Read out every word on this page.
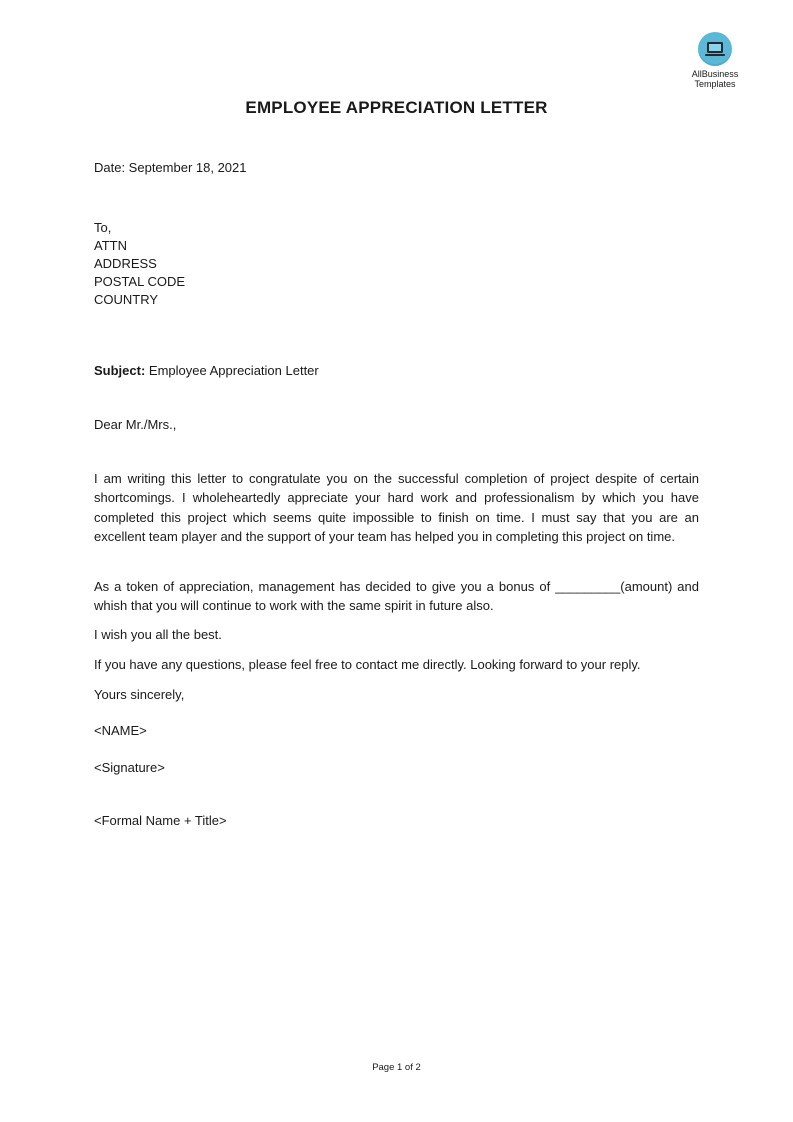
AllBusiness
Templates
EMPLOYEE APPRECIATION LETTER
Date: September 18, 2021
To,
ATTN
ADDRESS
POSTAL CODE
COUNTRY
Subject: Employee Appreciation Letter
Dear Mr./Mrs.,
I am writing this letter to congratulate you on the successful completion of project despite of certain shortcomings. I wholeheartedly appreciate your hard work and professionalism by which you have completed this project which seems quite impossible to finish on time. I must say that you are an excellent team player and the support of your team has helped you in completing this project on time.
As a token of appreciation, management has decided to give you a bonus of _________(amount) and whish that you will continue to work with the same spirit in future also.
I wish you all the best.
If you have any questions, please feel free to contact me directly. Looking forward to your reply.
Yours sincerely,
<NAME>
<Signature>
<Formal Name + Title>
Page 1 of 2
